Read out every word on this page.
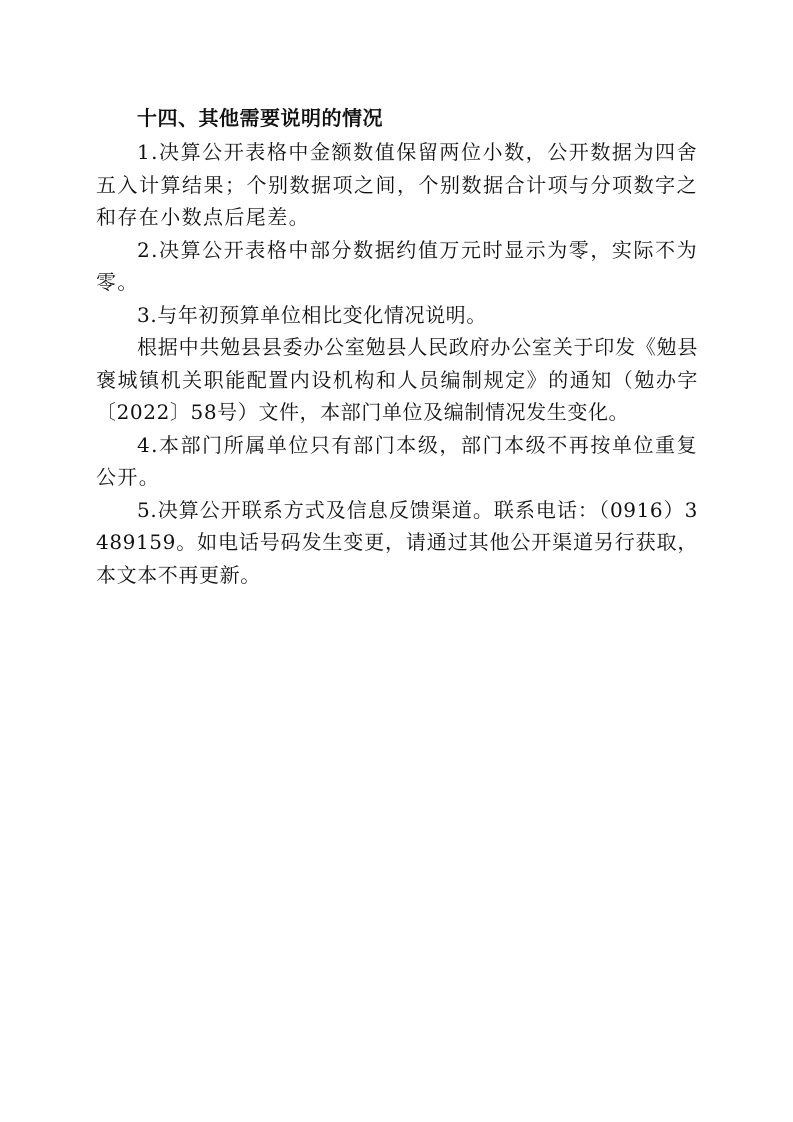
十四、其他需要说明的情况

1.决算公开表格中金额数值保留两位小数，公开数据为四舍五入计算结果；个别数据项之间，个别数据合计项与分项数字之和存在小数点后尾差。

2.决算公开表格中部分数据约值万元时显示为零，实际不为零。

3.与年初预算单位相比变化情况说明。

根据中共勉县县委办公室勉县人民政府办公室关于印发《勉县褒城镇机关职能配置内设机构和人员编制规定》的通知（勉办字〔2022〕58号）文件，本部门单位及编制情况发生变化。

4.本部门所属单位只有部门本级，部门本级不再按单位重复公开。

5.决算公开联系方式及信息反馈渠道。联系电话：（0916）3489159。如电话号码发生变更，请通过其他公开渠道另行获取，本文本不再更新。
